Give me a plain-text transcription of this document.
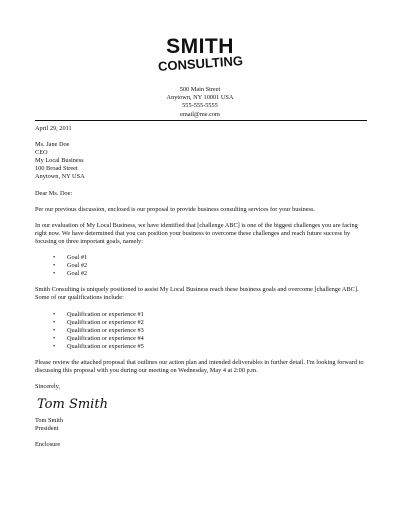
SMITH
CONSULTING
500 Main Street
Anytown, NY 10001 USA
555-555-5555
email@me.com

April 29, 2011

Ms. Jane Doe
CEO
My Local Business
100 Broad Street
Anytown, NY USA

Dear Ms. Doe:

Per our previous discussion, enclosed is our proposal to provide business consulting services for your business.

In our evaluation of My Local Business, we have identified that [challenge ABC] is one of the biggest challenges you are facing right now. We have determined that you can position your business to overcome these challenges and reach future success by focusing on three important goals, namely:

• Goal #1
• Goal #2
• Goal #2

Smith Consulting is uniquely positioned to assist My Local Business reach these business goals and overcome [challenge ABC]. Some of our qualifications include:

• Qualification or experience #1
• Qualification or experience #2
• Qualification or experience #3
• Qualification or experience #4
• Qualification or experience #5

Please review the attached proposal that outlines our action plan and intended deliverables in further detail. I'm looking forward to discussing this proposal with you during our meeting on Wednesday, May 4 at 2:00 p.m.

Sincerely,

Tom Smith
Tom Smith
President
Enclosure
